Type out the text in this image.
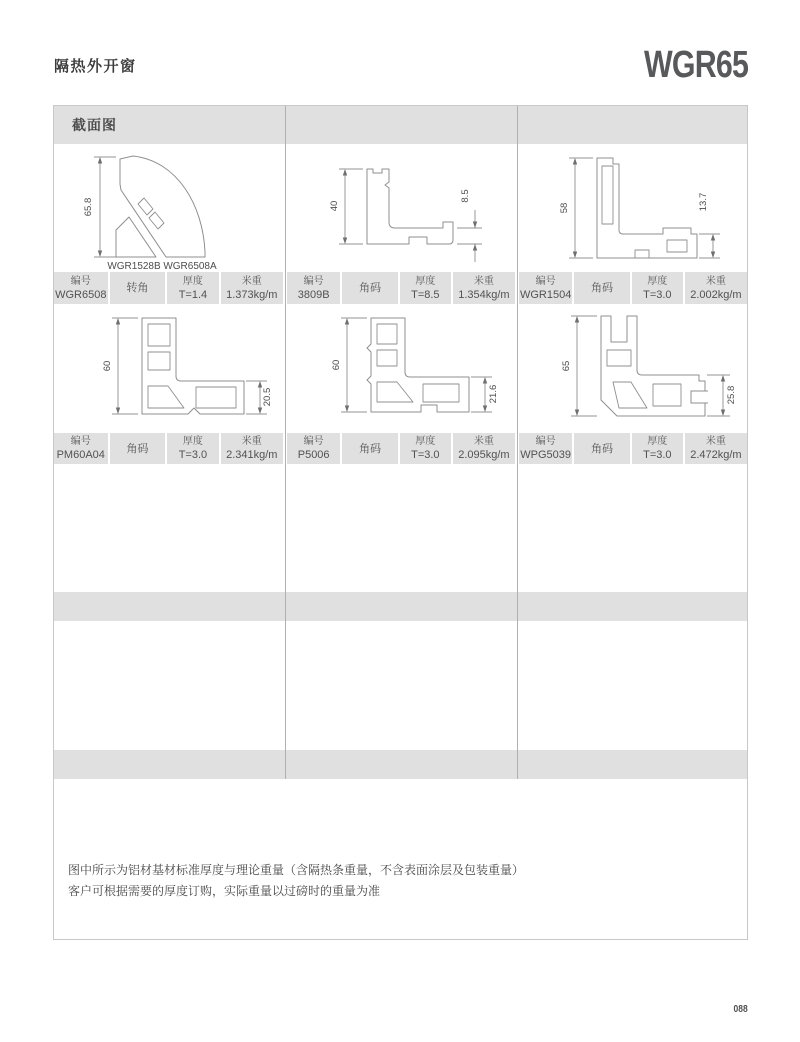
隔热外开窗	WGR65
截面图
65.8
WGR1528B WGR6508A
40
8.5
58	13.7
编号
WGR6508
转角
厚度
T=1.4
米重
1.373kg/m
编号
3809B
角码
厚度
T=8.5
米重
1.354kg/m
编号
WGR1504
角码
厚度
T=3.0
米重
2.002kg/m
60
20.5
60
21.6
65
25.8
编号
PM60A04
角码
厚度
T=3.0
米重
2.341kg/m
编号
P5006
角码
厚度
T=3.0
米重
2.095kg/m
编号
WPG5039
角码
厚度
T=3.0
米重
2.472kg/m
图中所示为铝材基材标准厚度与理论重量（含隔热条重量，不含表面涂层及包装重量）
客户可根据需要的厚度订购，实际重量以过磅时的重量为准
088
